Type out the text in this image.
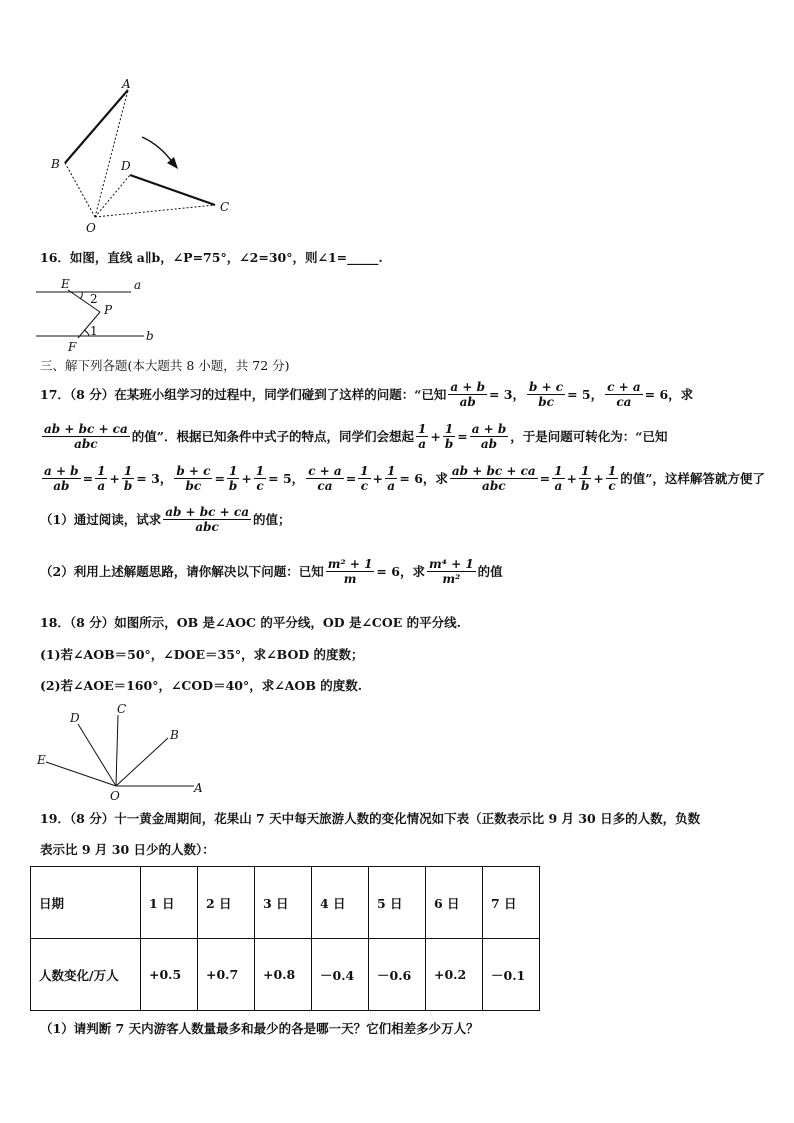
A
B	D
C
O
16．如图，直线 a∥b，∠P=75°，∠2=30°，则∠1=_____.
E	a
2
P
1	b
F
三、解下列各题(本大题共 8 小题，共 72 分)
17．（8 分）在某班小组学习的过程中，同学们碰到了这样的问题：“已知 $\frac{a + b}{ab} = 3$， $\frac{b + c}{bc} = 5$， $\frac{c + a}{ca} = 6$，求
$\frac{ab + bc + ca}{\text{abc}}$ 的值”．根据已知条件中式子的特点，同学们会想起 $\frac{1}{a} + \frac{1}{b} = \frac{a + b}{ab}$ ，于是问题可转化为：“已知
$\frac{a + b}{ab} = \frac{1}{a} + \frac{1}{b} = 3$， $\frac{b + c}{bc} = \frac{1}{b} + \frac{1}{c} = 5$， $\frac{c + a}{ca} = \frac{1}{c} + \frac{1}{a} = 6$，求 $\frac{ab + bc + ca}{\text{abc}} = \frac{1}{a} + \frac{1}{b} + \frac{1}{c}$ 的值”，这样解答就方便了
（1）通过阅读，试求 $\frac{ab + bc + ca}{\text{abc}}$ 的值；
（2）利用上述解题思路，请你解决以下问题：已知 $\frac{\text{m² + 1}}{m} = 6$，求 $\frac{\text{m⁴ + 1}}{\text{m²}}$ 的值
18．（8 分）如图所示，OB 是∠AOC 的平分线，OD 是∠COE 的平分线.
(1)若∠AOB＝50°，∠DOE＝35°，求∠BOD 的度数；
(2)若∠AOE＝160°，∠COD＝40°，求∠AOB 的度数.
D
C
B
E
A
O
19．（8 分）十一黄金周期间，花果山 7 天中每天旅游人数的变化情况如下表（正数表示比 9 月 30 日多的人数，负数
表示比 9 月 30 日少的人数）：
日期	1 日	2 日	3 日	4 日	5 日	6 日	7 日
人数变化/万人	+0.5	+0.7	+0.8	－0.4	－0.6	+0.2	－0.1
（1）请判断 7 天内游客人数量最多和最少的各是哪一天？它们相差多少万人？
